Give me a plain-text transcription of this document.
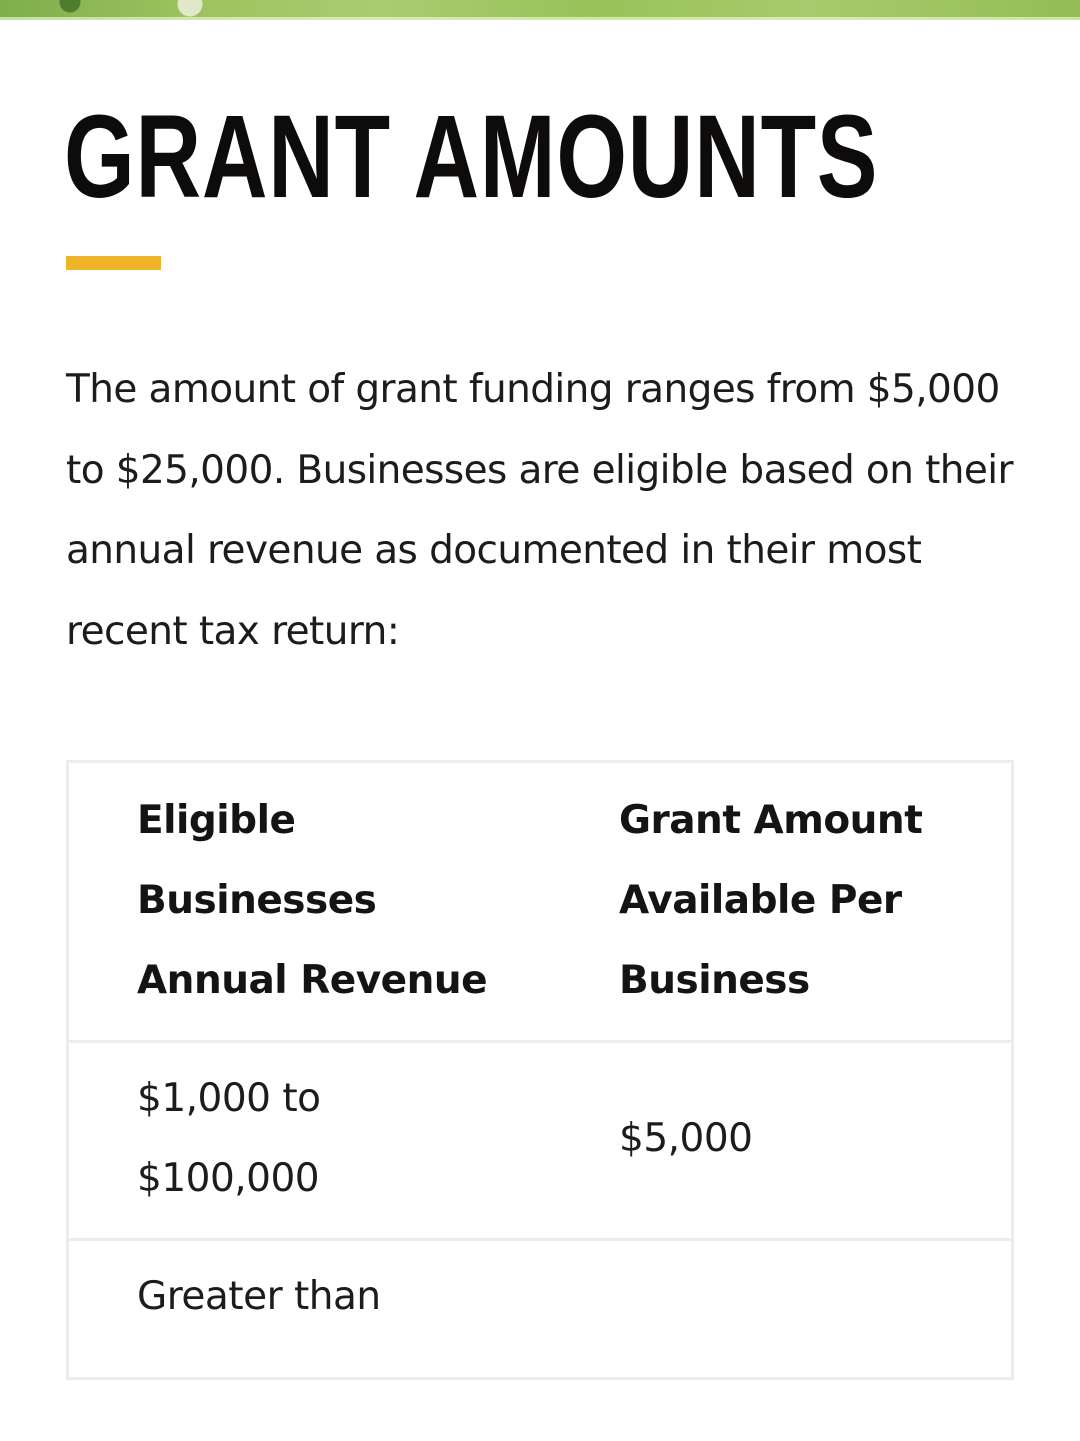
GRANT AMOUNTS

The amount of grant funding ranges from $5,000 to $25,000. Businesses are eligible based on their annual revenue as documented in their most recent tax return:

Eligible
Businesses
Annual Revenue
Grant Amount
Available Per
Business
$1,000 to
$100,000
$5,000
Greater than
